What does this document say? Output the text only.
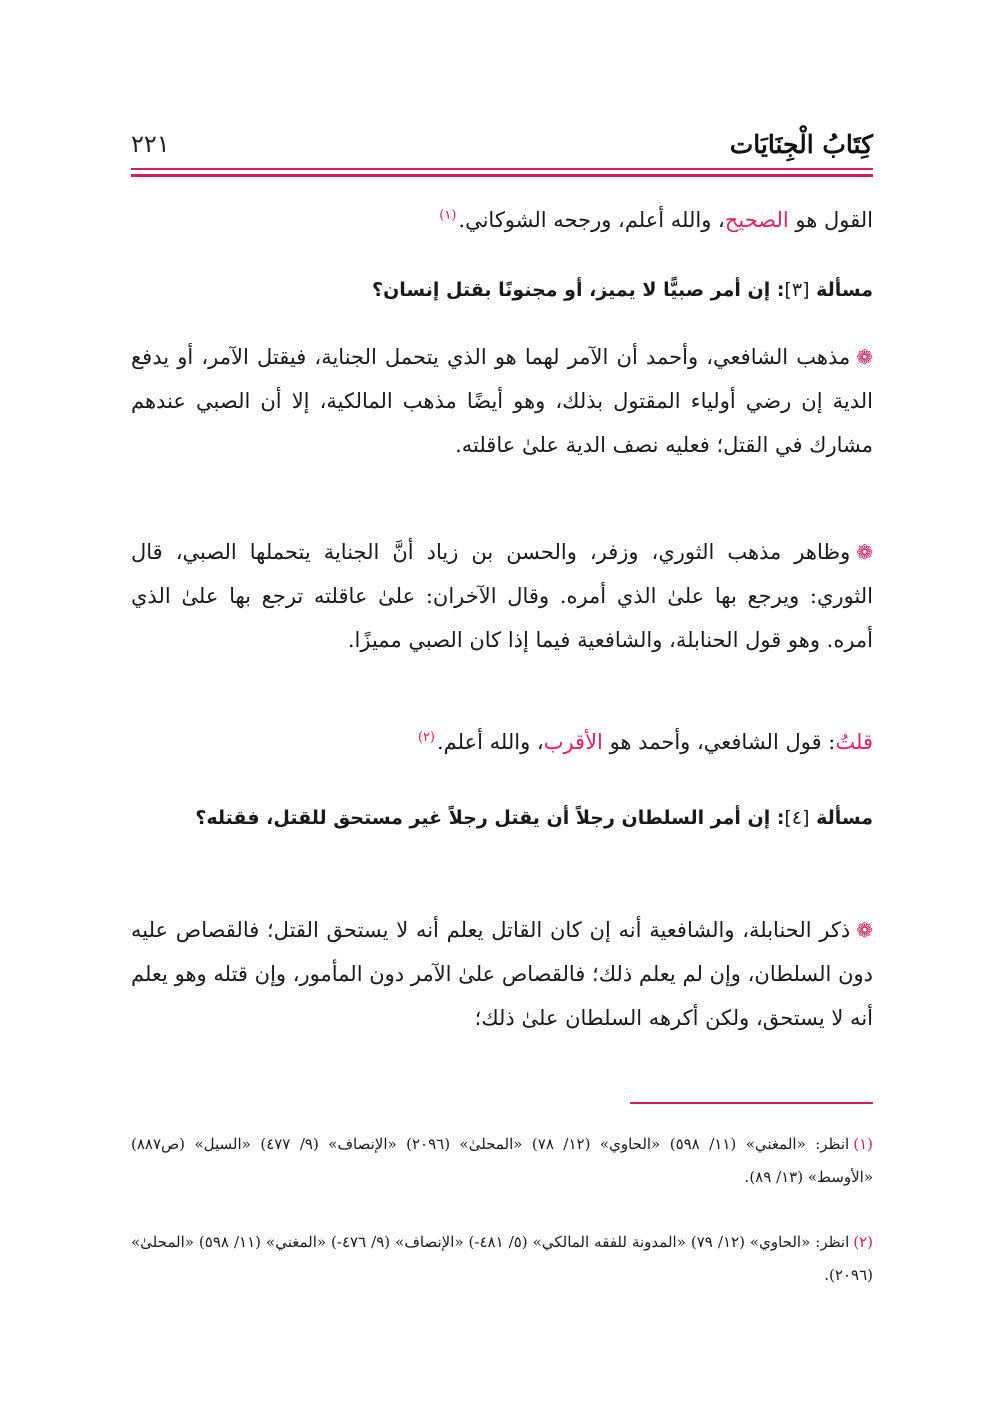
كِتَابُ الْجِنَايَات
٢٢١
القول هو الصحيح، والله أعلم، ورجحه الشوكاني.$^{(١)}$
مسألة [٣]: إن أمر صبيًّا لا يميز، أو مجنونًا بقتل إنسان؟
❁مذهب الشافعي، وأحمد أن الآمر لهما هو الذي يتحمل الجناية، فيقتل الآمر، أو يدفع الدية إن رضي أولياء المقتول بذلك، وهو أيضًا مذهب المالكية، إلا أن الصبي عندهم مشارك في القتل؛ فعليه نصف الدية علىٰ عاقلته.
❁وظاهر مذهب الثوري، وزفر، والحسن بن زياد أنَّ الجناية يتحملها الصبي، قال الثوري: ويرجع بها علىٰ الذي أمره. وقال الآخران: علىٰ عاقلته ترجع بها علىٰ الذي أمره. وهو قول الحنابلة، والشافعية فيما إذا كان الصبي مميزًا.
قلتُ: قول الشافعي، وأحمد هو الأقرب، والله أعلم.$^{(٢)}$
مسألة [٤]: إن أمر السلطان رجلاً أن يقتل رجلاً غير مستحق للقتل، فقتله؟
❁ذكر الحنابلة، والشافعية أنه إن كان القاتل يعلم أنه لا يستحق القتل؛ فالقصاص عليه دون السلطان، وإن لم يعلم ذلك؛ فالقصاص علىٰ الآمر دون المأمور، وإن قتله وهو يعلم أنه لا يستحق، ولكن أكرهه السلطان علىٰ ذلك؛
(١)انظر: «المغني» (١١/ ٥٩٨) «الحاوي» (١٢/ ٧٨) «المحلىٰ» (٢٠٩٦) «الإنصاف» (٩/ ٤٧٧) «السيل» (ص٨٨٧) «الأوسط» (١٣/ ٨٩).
(٢)انظر: «الحاوي» (١٢/ ٧٩) «المدونة للفقه المالكي» (٥/ ٤٨١-) «الإنصاف» (٩/ ٤٧٦-) «المغني» (١١/ ٥٩٨) «المحلىٰ» (٢٠٩٦).
